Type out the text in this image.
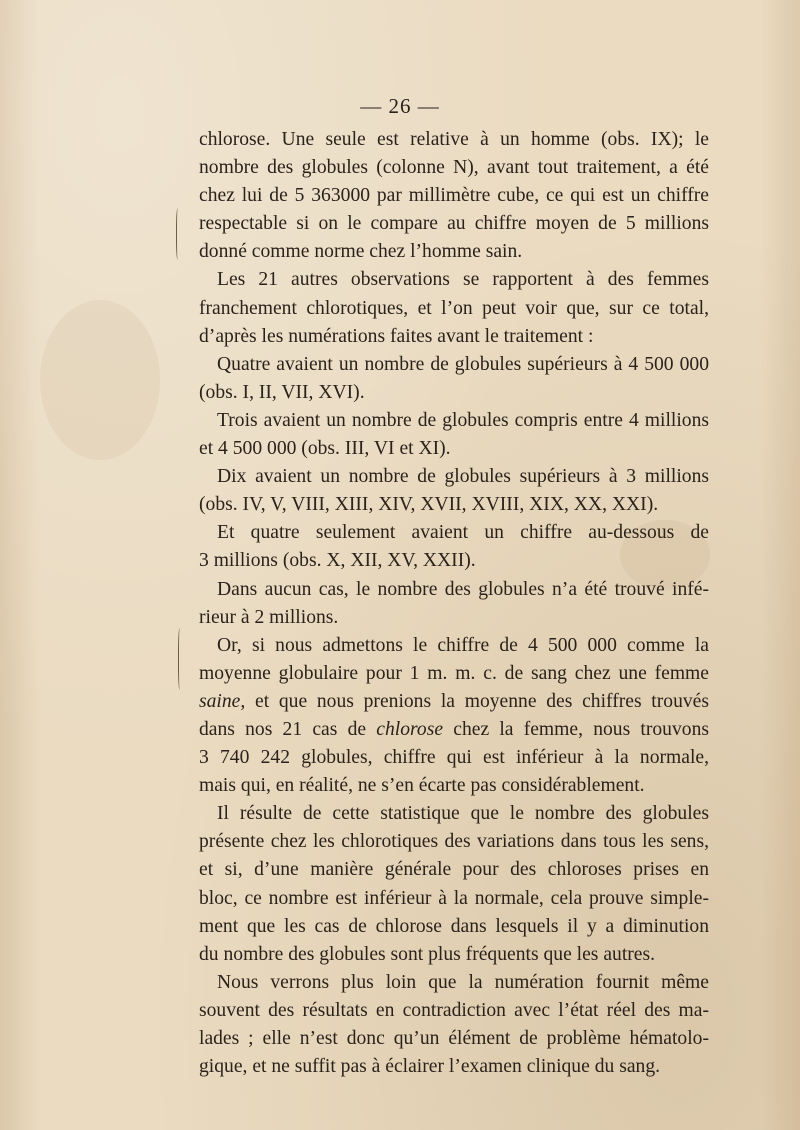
— 26 —
chlorose. Une seule est relative à un homme (obs. IX); le
nombre des globules (colonne N), avant tout traitement, a été
chez lui de 5 363000 par millimètre cube, ce qui est un chiffre
respectable si on le compare au chiffre moyen de 5 millions
donné comme norme chez l’homme sain.
Les 21 autres observations se rapportent à des femmes
franchement chlorotiques, et l’on peut voir que, sur ce total,
d’après les numérations faites avant le traitement :
Quatre avaient un nombre de globules supérieurs à 4 500 000
(obs. I, II, VII, XVI).
Trois avaient un nombre de globules compris entre 4 millions
et 4 500 000 (obs. III, VI et XI).
Dix avaient un nombre de globules supérieurs à 3 millions
(obs. IV, V, VIII, XIII, XIV, XVII, XVIII, XIX, XX, XXI).
Et quatre seulement avaient un chiffre au-dessous de
3 millions (obs. X, XII, XV, XXII).
Dans aucun cas, le nombre des globules n’a été trouvé infé-
rieur à 2 millions.
Or, si nous admettons le chiffre de 4 500 000 comme la
moyenne globulaire pour 1 m. m. c. de sang chez une femme
saine, et que nous prenions la moyenne des chiffres trouvés
dans nos 21 cas de chlorose chez la femme, nous trouvons
3 740 242 globules, chiffre qui est inférieur à la normale,
mais qui, en réalité, ne s’en écarte pas considérablement.
Il résulte de cette statistique que le nombre des globules
présente chez les chlorotiques des variations dans tous les sens,
et si, d’une manière générale pour des chloroses prises en
bloc, ce nombre est inférieur à la normale, cela prouve simple-
ment que les cas de chlorose dans lesquels il y a diminution
du nombre des globules sont plus fréquents que les autres.
Nous verrons plus loin que la numération fournit même
souvent des résultats en contradiction avec l’état réel des ma-
lades ; elle n’est donc qu’un élément de problème hématolo-
gique, et ne suffit pas à éclairer l’examen clinique du sang.
